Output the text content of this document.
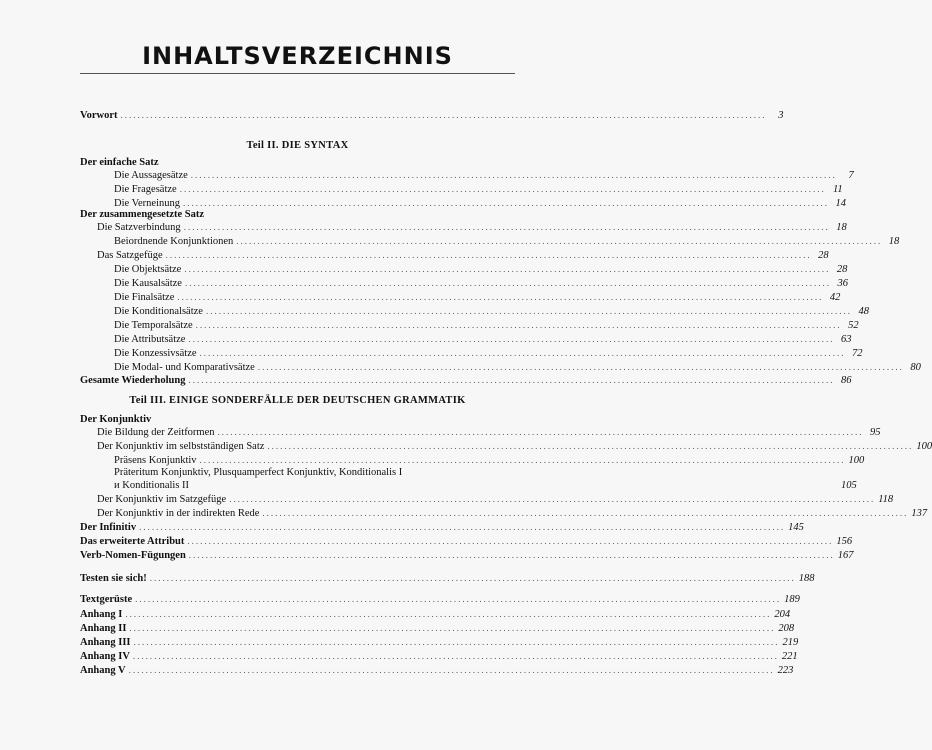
INHALTSVERZEICHNIS
Vorwort ........................................................................................................................................................	3
Teil II. DIE SYNTAX
Der einfache Satz
Die Aussagesätze ........................................................................................................................................................	7
Die Fragesätze ........................................................................................................................................................ 11
Die Verneinung ........................................................................................................................................................ 14
Der zusammengesetzte Satz
Die Satzverbindung ........................................................................................................................................................ 18
Beiordnende Konjunktionen ........................................................................................................................................................ 18
Das Satzgefüge ........................................................................................................................................................ 28
Die Objektsätze ........................................................................................................................................................ 28
Die Kausalsätze ........................................................................................................................................................ 36
Die Finalsätze ........................................................................................................................................................ 42
Die Konditionalsätze ........................................................................................................................................................ 48
Die Temporalsätze ........................................................................................................................................................ 52
Die Attributsätze ........................................................................................................................................................ 63
Die Konzessivsätze ........................................................................................................................................................ 72
Die Modal- und Komparativsätze ........................................................................................................................................................ 80
Gesamte Wiederholung ........................................................................................................................................................ 86
Teil III. EINIGE SONDERFÄLLE DER DEUTSCHEN GRAMMATIK
Der Konjunktiv
Die Bildung der Zeitformen ........................................................................................................................................................ 95
Der Konjunktiv im selbstständigen Satz ........................................................................................................................................................ 100
Präsens Konjunktiv ........................................................................................................................................................ 100
Präteritum Konjunktiv, Plusquamperfect Konjunktiv, Konditionalis I
и Konditionalis II	105
Der Konjunktiv im Satzgefüge ........................................................................................................................................................ 118
Der Konjunktiv in der indirekten Rede ........................................................................................................................................................ 137
Der Infinitiv ........................................................................................................................................................ 145
Das erweiterte Attribut ........................................................................................................................................................ 156
Verb-Nomen-Fügungen ........................................................................................................................................................ 167
Testen sie sich! ........................................................................................................................................................ 188
Textgerüste ........................................................................................................................................................ 189
Anhang I ........................................................................................................................................................ 204
Anhang II ........................................................................................................................................................ 208
Anhang III ........................................................................................................................................................ 219
Anhang IV ........................................................................................................................................................ 221
Anhang V ........................................................................................................................................................ 223
